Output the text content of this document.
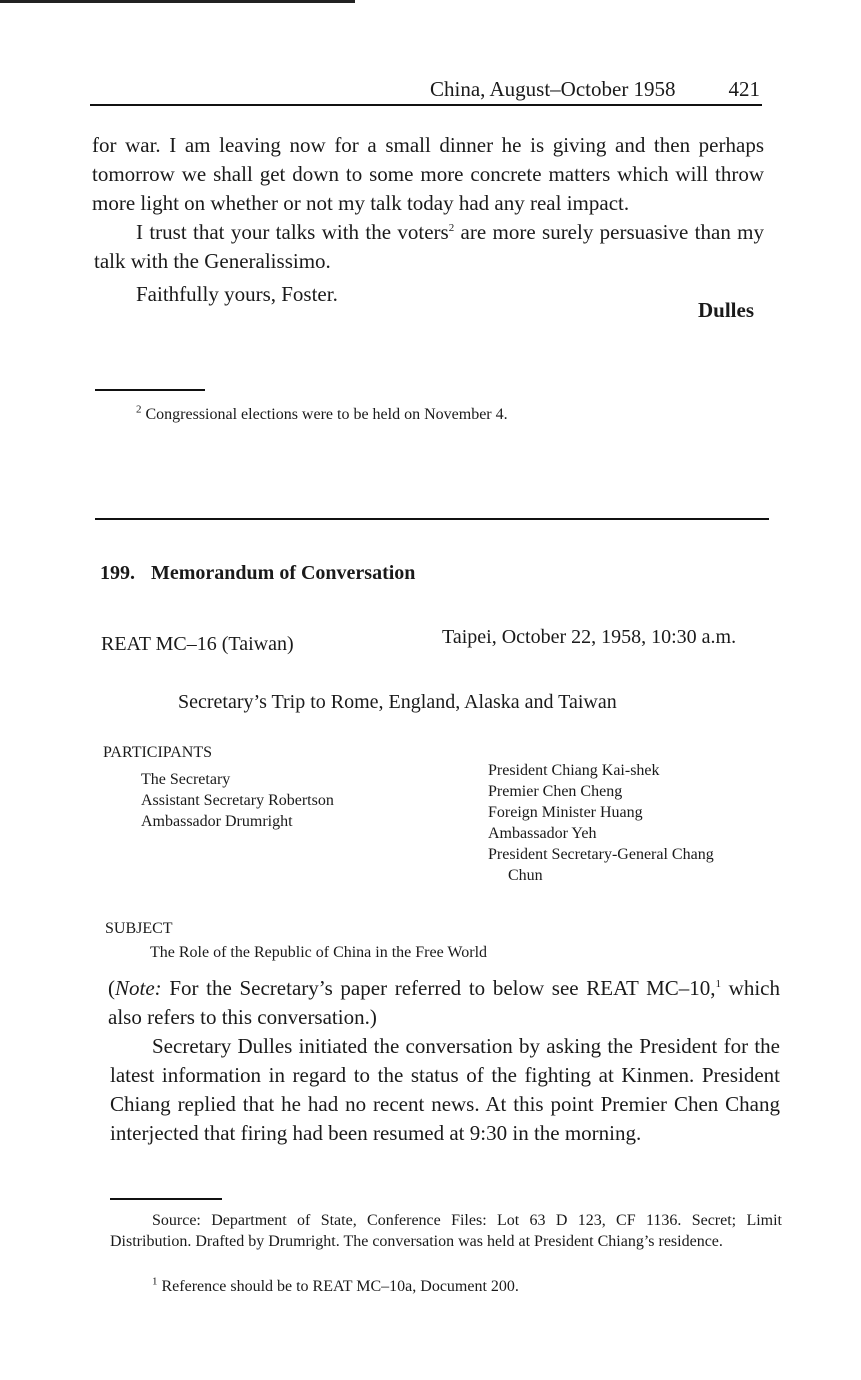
China, August–October 1958	421
for war. I am leaving now for a small dinner he is giving and then perhaps tomorrow we shall get down to some more concrete matters which will throw more light on whether or not my talk today had any real impact.
I trust that your talks with the voters$^2$ are more surely persuasive than my talk with the Generalissimo.
Faithfully yours, Foster.
Dulles
$^2$ Congressional elections were to be held on November 4.
199. Memorandum of Conversation
REAT MC–16 (Taiwan)	Taipei, October 22, 1958, 10:30 a.m.
Secretary’s Trip to Rome, England, Alaska and Taiwan
PARTICIPANTS
The Secretary
Assistant Secretary Robertson
Ambassador Drumright
President Chiang Kai-shek
Premier Chen Cheng
Foreign Minister Huang
Ambassador Yeh
President Secretary-General Chang
Chun
SUBJECT
The Role of the Republic of China in the Free World
(Note: For the Secretary’s paper referred to below see REAT MC–10,$^1$ which also refers to this conversation.)
Secretary Dulles initiated the conversation by asking the President for the latest information in regard to the status of the fighting at Kinmen. President Chiang replied that he had no recent news. At this point Premier Chen Chang interjected that firing had been resumed at 9:30 in the morning.
Source: Department of State, Conference Files: Lot 63 D 123, CF 1136. Secret; Limit Distribution. Drafted by Drumright. The conversation was held at President Chiang’s residence.
$^1$ Reference should be to REAT MC–10a, Document 200.
